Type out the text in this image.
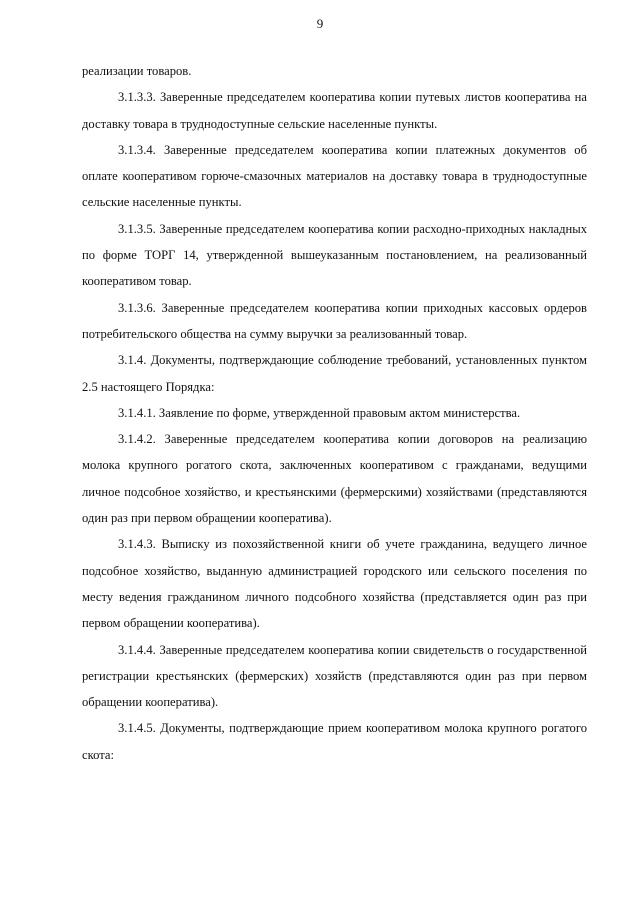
9

реализации товаров.

3.1.3.3. Заверенные председателем кооператива копии путевых листов кооператива на доставку товара в труднодоступные сельские населенные пункты.

3.1.3.4. Заверенные председателем кооператива копии платежных документов об оплате кооперативом горюче-смазочных материалов на доставку товара в труднодоступные сельские населенные пункты.

3.1.3.5. Заверенные председателем кооператива копии расходно-приходных накладных по форме ТОРГ 14, утвержденной вышеуказанным постановлением, на реализованный кооперативом товар.

3.1.3.6. Заверенные председателем кооператива копии приходных кассовых ордеров потребительского общества на сумму выручки за реализованный товар.

3.1.4. Документы, подтверждающие соблюдение требований, установленных пунктом 2.5 настоящего Порядка:

3.1.4.1. Заявление по форме, утвержденной правовым актом министерства.

3.1.4.2. Заверенные председателем кооператива копии договоров на реализацию молока крупного рогатого скота, заключенных кооперативом с гражданами, ведущими личное подсобное хозяйство, и крестьянскими (фермерскими) хозяйствами (представляются один раз при первом обращении кооператива).

3.1.4.3. Выписку из похозяйственной книги об учете гражданина, ведущего личное подсобное хозяйство, выданную администрацией городского или сельского поселения по месту ведения гражданином личного подсобного хозяйства (представляется один раз при первом обращении кооператива).

3.1.4.4. Заверенные председателем кооператива копии свидетельств о государственной регистрации крестьянских (фермерских) хозяйств (представляются один раз при первом обращении кооператива).

3.1.4.5. Документы, подтверждающие прием кооперативом молока крупного рогатого скота:
